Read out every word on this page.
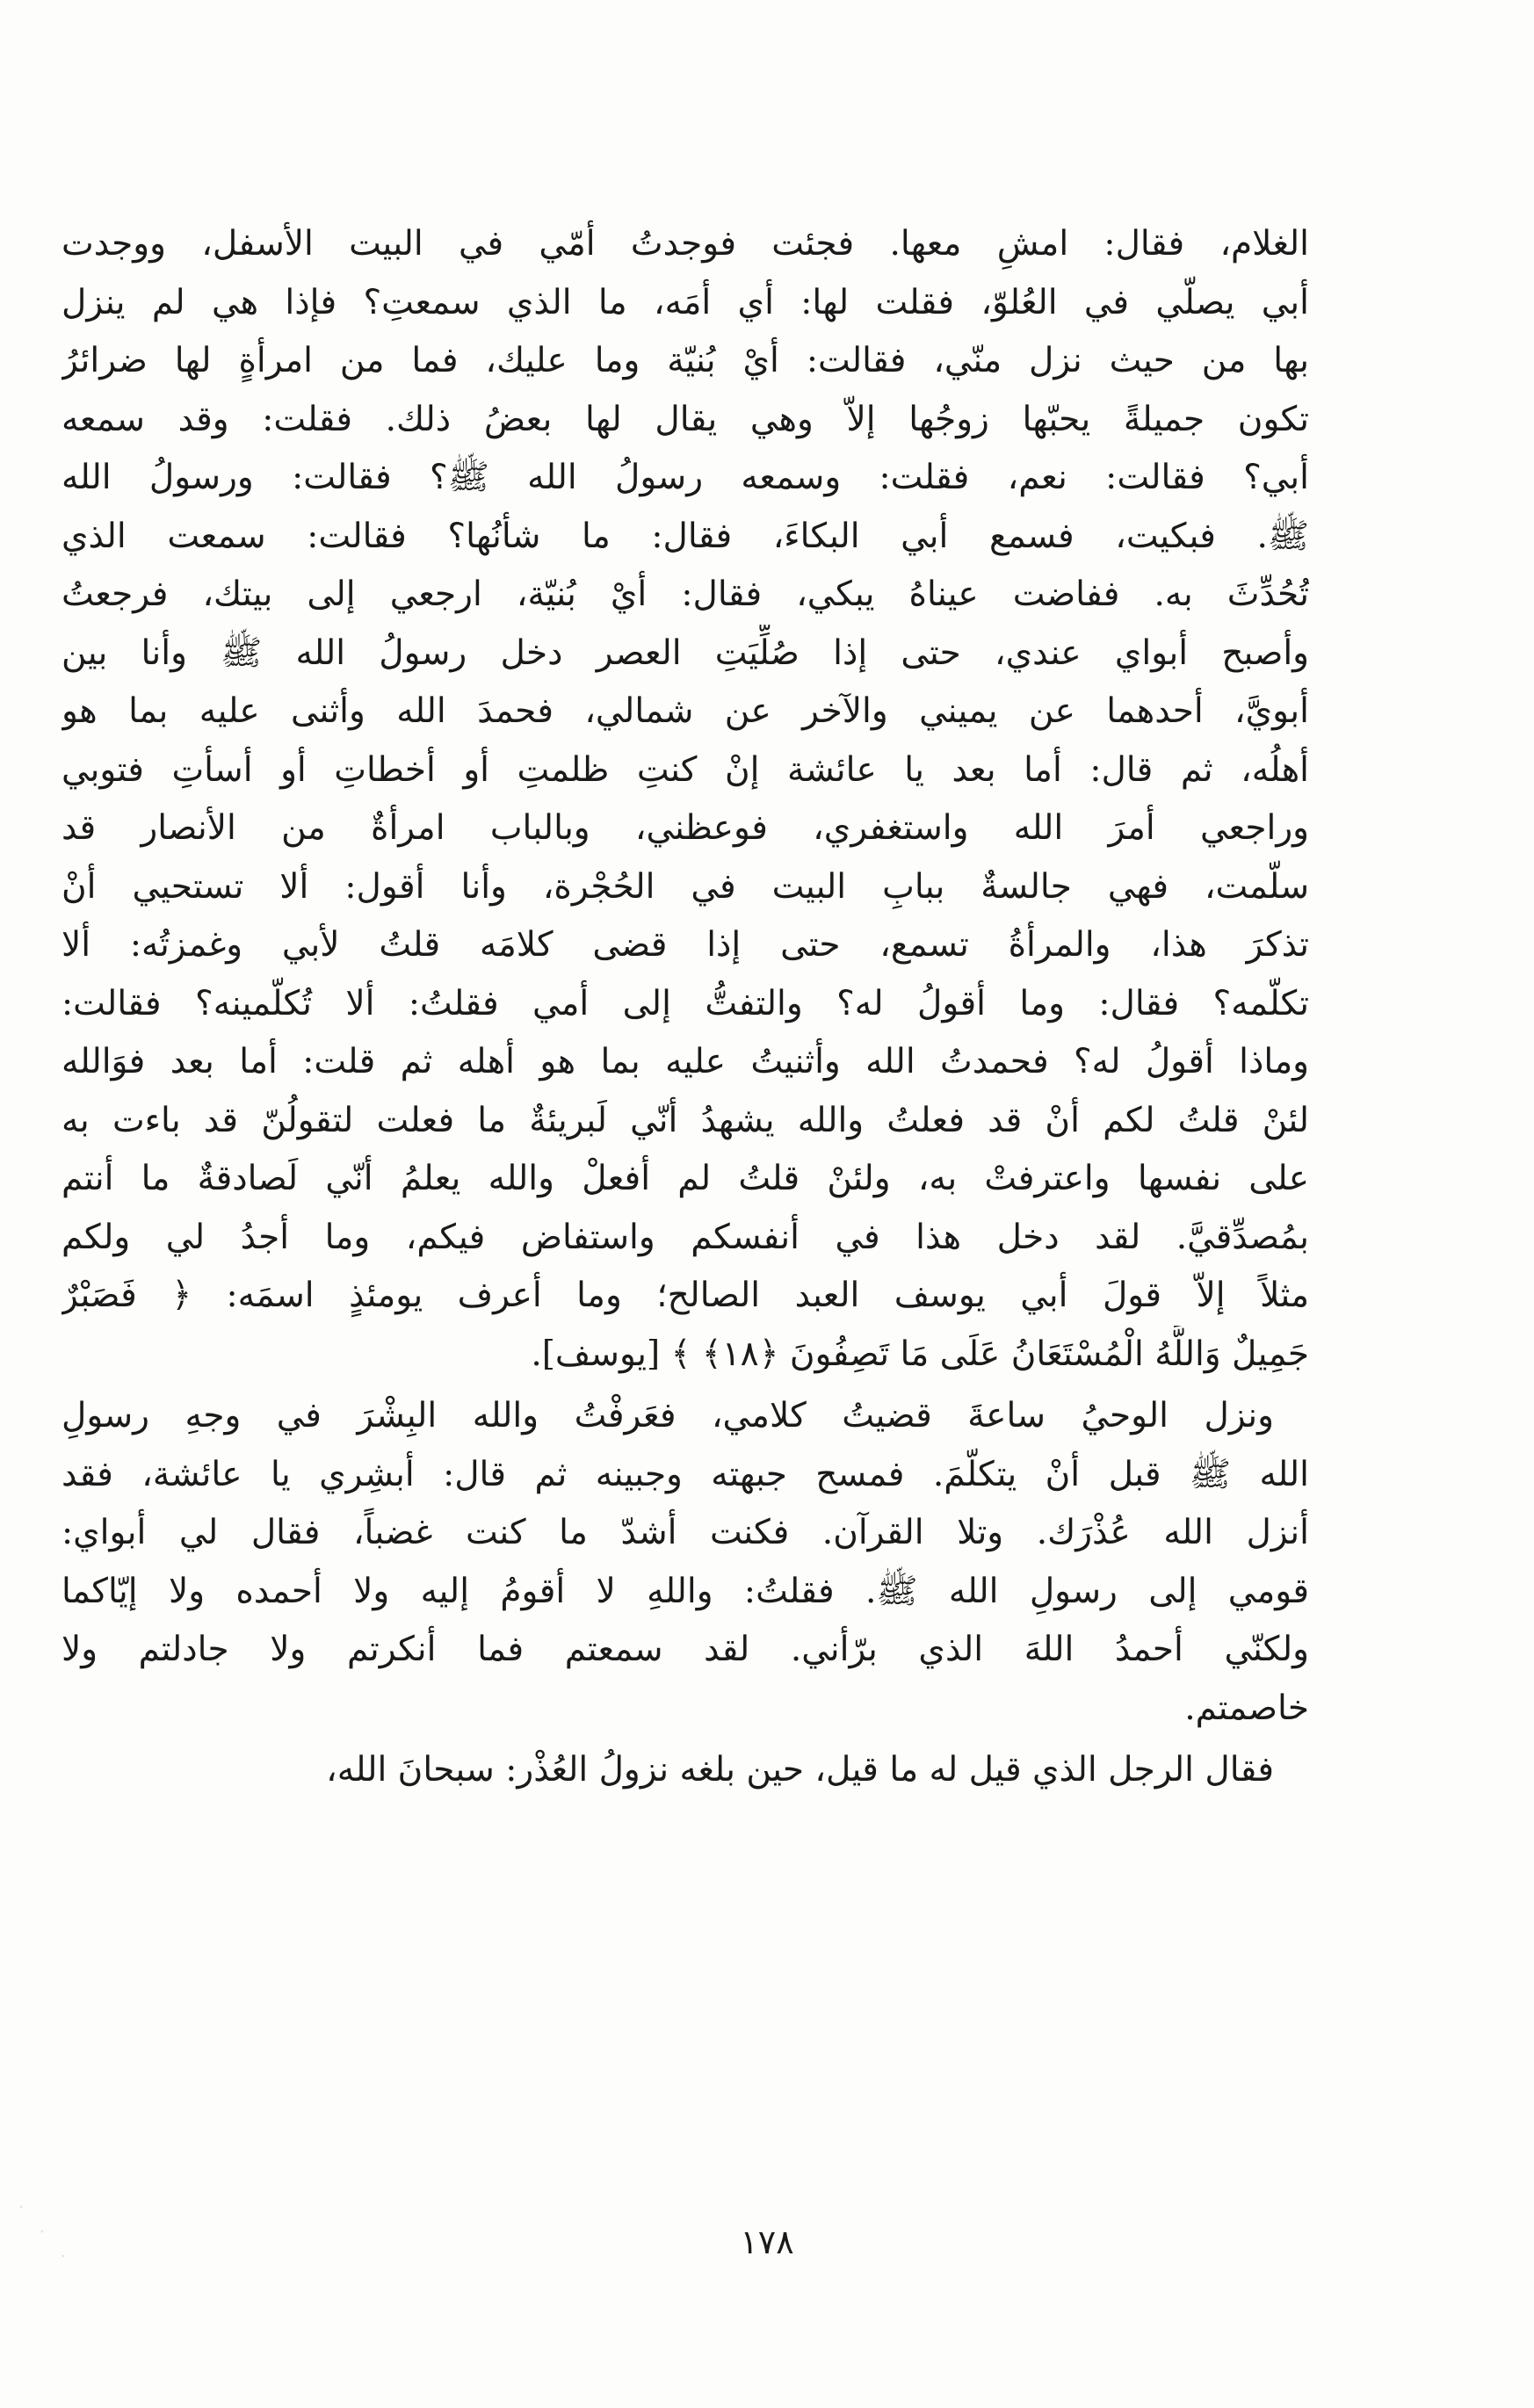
الغلام، فقال: امشِ معها. فجئت فوجدتُ أمّي في البيت الأسفل، ووجدت
أبي يصلّي في العُلوّ، فقلت لها: أي أمَه، ما الذي سمعتِ؟ فإذا هي لم ينزل
بها من حيث نزل منّي، فقالت: أيْ بُنيّة وما عليك، فما من امرأةٍ لها ضرائرُ
تكون جميلةً يحبّها زوجُها إلاّ وهي يقال لها بعضُ ذلك. فقلت: وقد سمعه
أبي؟ فقالت: نعم، فقلت: وسمعه رسولُ الله ﷺ؟ فقالت: ورسولُ الله
ﷺ. فبكيت، فسمع أبي البكاءَ، فقال: ما شأنُها؟ فقالت: سمعت الذي
تُحُدِّثَ به. ففاضت عيناهُ يبكي، فقال: أيْ بُنيّة، ارجعي إلى بيتك، فرجعتُ
وأصبح أبواي عندي، حتى إذا صُلِّيَتِ العصر دخل رسولُ الله ﷺ وأنا بين
أبويَّ، أحدهما عن يميني والآخر عن شمالي، فحمدَ الله وأثنى عليه بما هو
أهلُه، ثم قال: أما بعد يا عائشة إنْ كنتِ ظلمتِ أو أخطاتِ أو أسأتِ فتوبي
وراجعي أمرَ الله واستغفري، فوعظني، وبالباب امرأةٌ من الأنصار قد
سلّمت، فهي جالسةٌ ببابِ البيت في الحُجْرة، وأنا أقول: ألا تستحيي أنْ
تذكرَ هذا، والمرأةُ تسمع، حتى إذا قضى كلامَه قلتُ لأبي وغمزتُه: ألا
تكلّمه؟ فقال: وما أقولُ له؟ والتفتُّ إلى أمي فقلتُ: ألا تُكلّمينه؟ فقالت:
وماذا أقولُ له؟ فحمدتُ الله وأثنيتُ عليه بما هو أهله ثم قلت: أما بعد فوَالله
لئنْ قلتُ لكم أنْ قد فعلتُ والله يشهدُ أنّي لَبريئةٌ ما فعلت لتقولُنّ قد باءت به
على نفسها واعترفتْ به، ولئنْ قلتُ لم أفعلْ والله يعلمُ أنّي لَصادقةٌ ما أنتم
بمُصدِّقيَّ. لقد دخل هذا في أنفسكم واستفاض فيكم، وما أجدُ لي ولكم
مثلاً إلاّ قولَ أبي يوسف العبد الصالح؛ وما أعرف يومئذٍ اسمَه: ﴿ فَصَبْرٌ
جَمِيلٌ وَاللَّهُ الْمُسْتَعَانُ عَلَى مَا تَصِفُونَ ﴿١٨﴾ ﴾ [يوسف].
ونزل الوحيُ ساعةَ قضيتُ كلامي، فعَرفْتُ والله البِشْرَ في وجهِ رسولِ
الله ﷺ قبل أنْ يتكلّمَ. فمسح جبهته وجبينه ثم قال: أبشِري يا عائشة، فقد
أنزل الله عُذْرَك. وتلا القرآن. فكنت أشدّ ما كنت غضباً، فقال لي أبواي:
قومي إلى رسولِ الله ﷺ. فقلتُ: واللهِ لا أقومُ إليه ولا أحمده ولا إيّاكما
ولكنّي أحمدُ اللهَ الذي برّأني. لقد سمعتم فما أنكرتم ولا جادلتم ولا
خاصمتم.
فقال الرجل الذي قيل له ما قيل، حين بلغه نزولُ العُذْر: سبحانَ الله،
١٧٨
